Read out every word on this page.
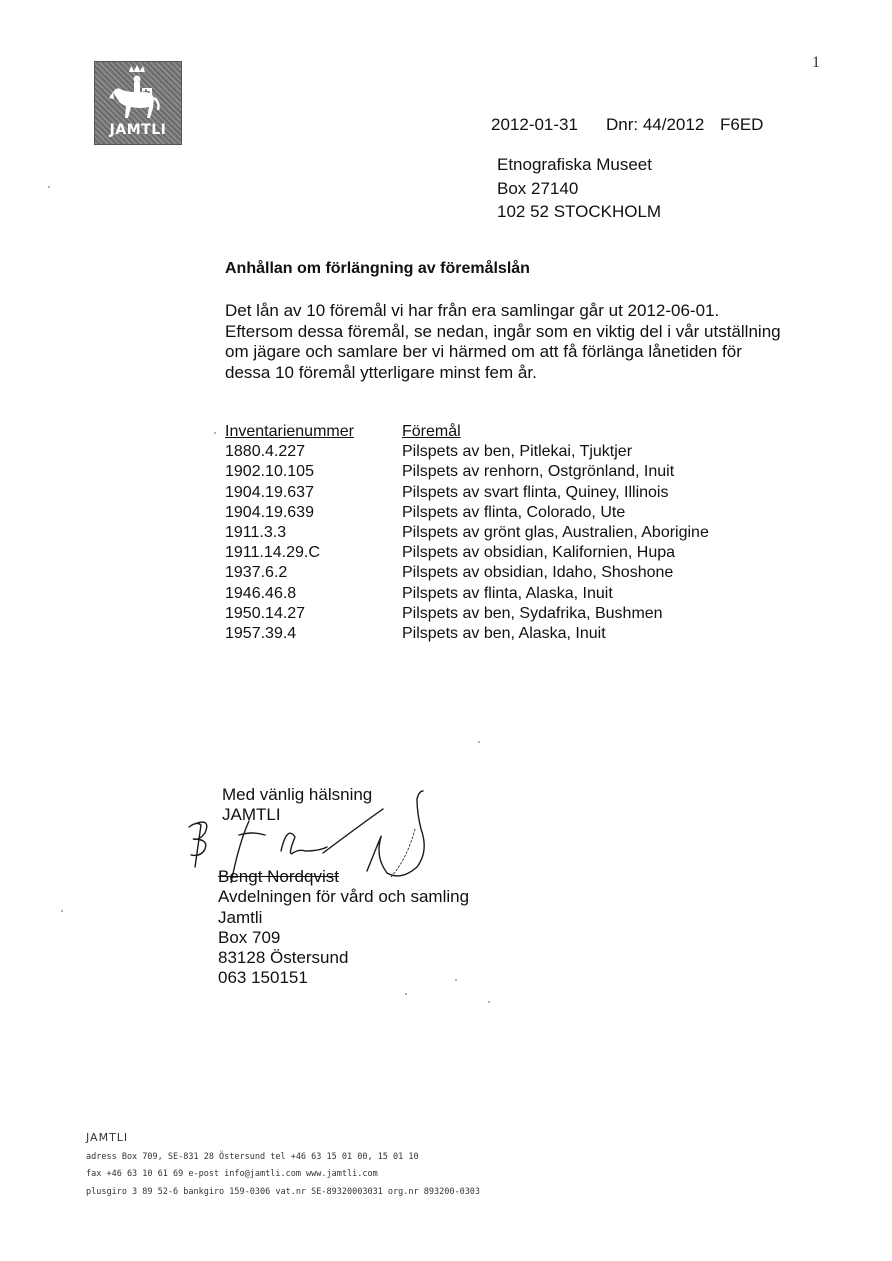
1
JAMTLI	2012-01-31 Dnr: 44/2012 F6ED
Etnografiska Museet
Box 27140
102 52 STOCKHOLM
Anhållan om förlängning av föremålslån
Det lån av 10 föremål vi har från era samlingar går ut 2012-06-01. Eftersom dessa föremål, se nedan, ingår som en viktig del i vår utställning om jägare och samlare ber vi härmed om att få förlänga lånetiden för dessa 10 föremål ytterligare minst fem år.
Inventarienummer	Föremål
1880.4.227	Pilspets av ben, Pitlekai, Tjuktjer
1902.10.105	Pilspets av renhorn, Ostgrönland, Inuit
1904.19.637	Pilspets av svart flinta, Quiney, Illinois
1904.19.639	Pilspets av flinta, Colorado, Ute
1911.3.3	Pilspets av grönt glas, Australien, Aborigine
1911.14.29.C	Pilspets av obsidian, Kalifornien, Hupa
1937.6.2	Pilspets av obsidian, Idaho, Shoshone
1946.46.8	Pilspets av flinta, Alaska, Inuit
1950.14.27	Pilspets av ben, Sydafrika, Bushmen
1957.39.4	Pilspets av ben, Alaska, Inuit
Med vänlig hälsning
JAMTLI
Bengt Nordqvist
Avdelningen för vård och samling
Jamtli
Box 709
83128 Östersund
063 150151
JAMTLI
adress Box 709, SE-831 28 Östersund tel +46 63 15 01 00, 15 01 10
fax +46 63 10 61 69 e-post info@jamtli.com www.jamtli.com
plusgiro 3 89 52-6 bankgiro 159-0306 vat.nr SE-89320003031 org.nr 893200-0303
